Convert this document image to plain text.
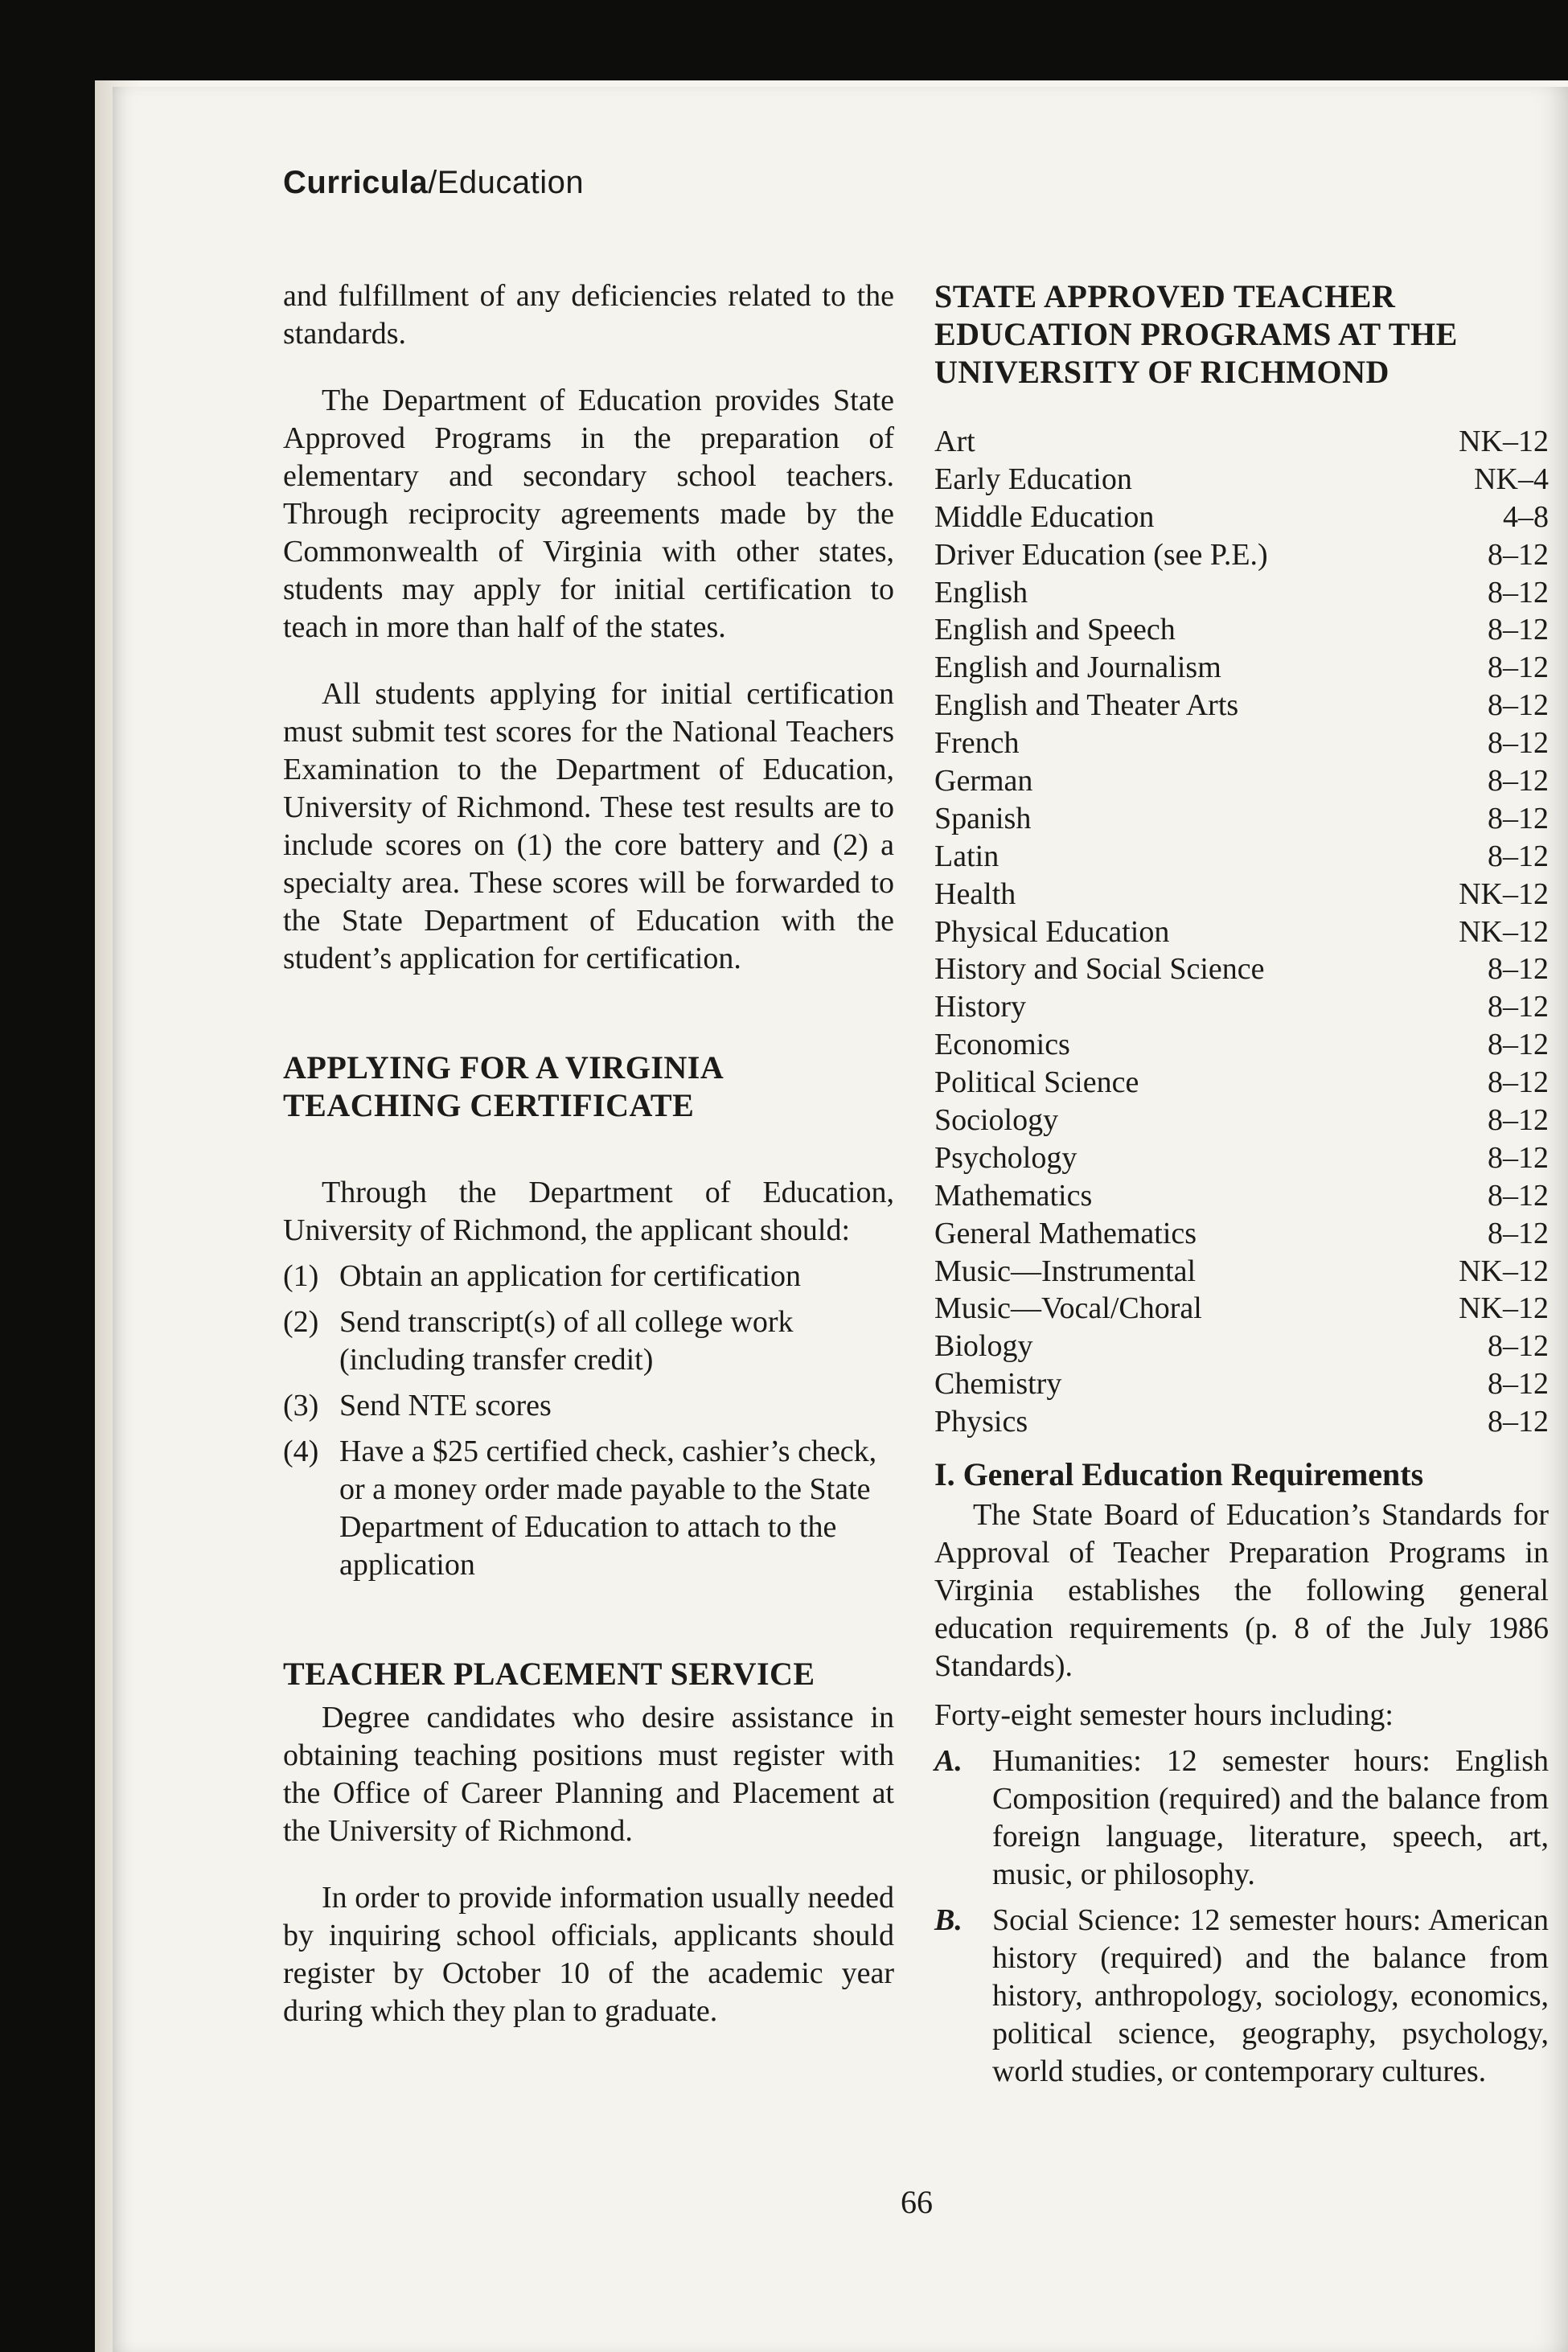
Curricula/Education

and fulfillment of any deficiencies related to the standards.

The Department of Education provides State Approved Programs in the preparation of elementary and secondary school teachers. Through reciprocity agreements made by the Commonwealth of Virginia with other states, students may apply for initial certification to teach in more than half of the states.

All students applying for initial certification must submit test scores for the National Teachers Examination to the Department of Education, University of Richmond. These test results are to include scores on (1) the core battery and (2) a specialty area. These scores will be forwarded to the State Department of Education with the student’s application for certification.

APPLYING FOR A VIRGINIA TEACHING CERTIFICATE

Through the Department of Education, University of Richmond, the applicant should:

(1) Obtain an application for certification
(2) Send transcript(s) of all college work (including transfer credit)
(3) Send NTE scores
(4) Have a $25 certified check, cashier’s check, or a money order made payable to the State Department of Education to attach to the application
TEACHER PLACEMENT SERVICE

Degree candidates who desire assistance in obtaining teaching positions must register with the Office of Career Planning and Placement at the University of Richmond.

In order to provide information usually needed by inquiring school officials, applicants should register by October 10 of the academic year during which they plan to graduate.

STATE APPROVED TEACHER EDUCATION PROGRAMS AT THE UNIVERSITY OF RICHMOND
Art	NK–12
Early Education	NK–4
Middle Education	4–8
Driver Education (see P.E.)	8–12
English	8–12
English and Speech	8–12
English and Journalism	8–12
English and Theater Arts	8–12
French	8–12
German	8–12
Spanish	8–12
Latin	8–12
Health	NK–12
Physical Education	NK–12
History and Social Science	8–12
History	8–12
Economics	8–12
Political Science	8–12
Sociology	8–12
Psychology	8–12
Mathematics	8–12
General Mathematics	8–12
Music—Instrumental	NK–12
Music—Vocal/Choral	NK–12
Biology	8–12
Chemistry	8–12
Physics	8–12
I. General Education Requirements

The State Board of Education’s Standards for Approval of Teacher Preparation Programs in Virginia establishes the following general education requirements (p. 8 of the July 1986 Standards).

Forty-eight semester hours including:

A. Humanities: 12 semester hours: English Composition (required) and the balance from foreign language, literature, speech, art, music, or philosophy.
B. Social Science: 12 semester hours: American history (required) and the balance from history, anthropology, sociology, economics, political science, geography, psychology, world studies, or contemporary cultures.
66
